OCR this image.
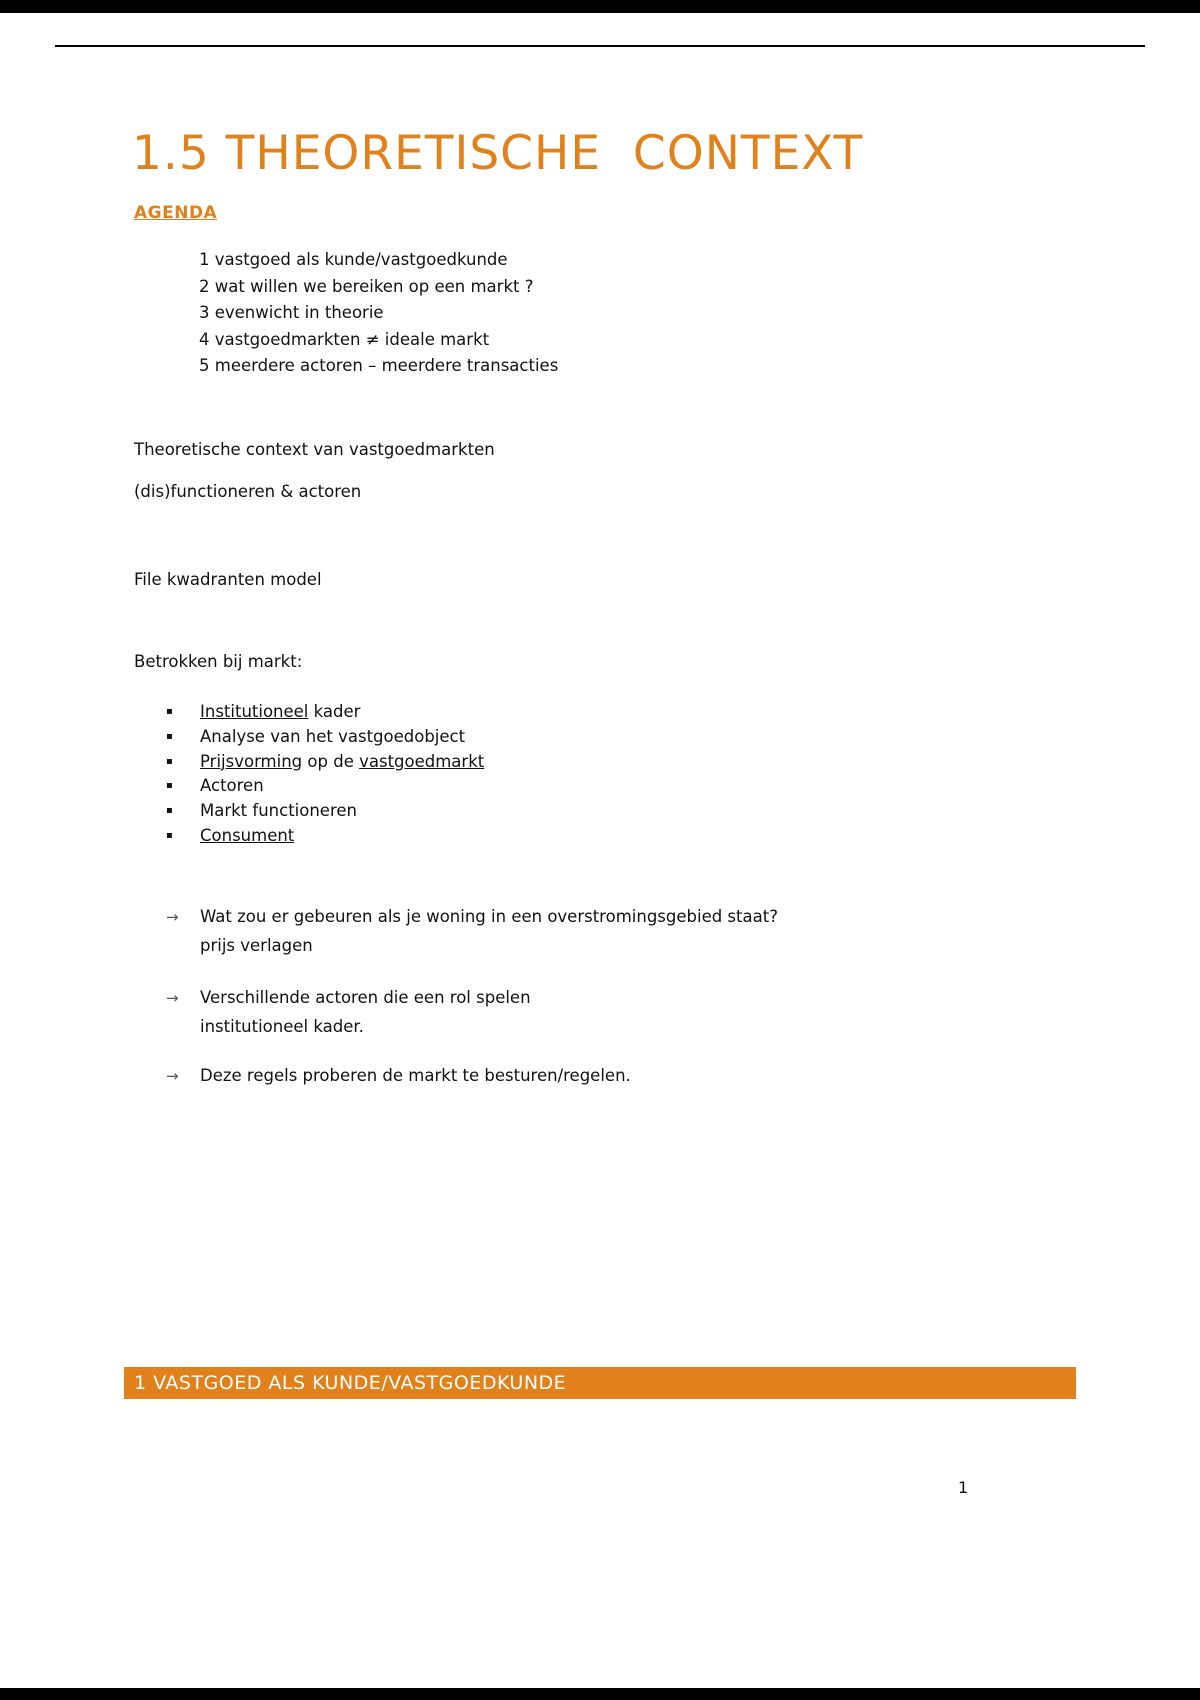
1.5 THEORETISCHE  CONTEXT
AGENDA
1 vastgoed als kunde/vastgoedkunde
2 wat willen we bereiken op een markt ?
3 evenwicht in theorie
4 vastgoedmarkten ≠ ideale markt
5 meerdere actoren – meerdere transacties

Theoretische context van vastgoedmarkten

(dis)functioneren & actoren

File kwadranten model

Betrokken bij markt:

▪	Institutioneel kader
▪	Analyse van het vastgoedobject
▪	Prijsvorming op de vastgoedmarkt
▪	Actoren
▪	Markt functioneren
▪	Consument
→	Wat zou er gebeuren als je woning in een overstromingsgebied staat?
prijs verlagen
→	Verschillende actoren die een rol spelen
institutioneel kader.
→	Deze regels proberen de markt te besturen/regelen.
1 VASTGOED ALS KUNDE/VASTGOEDKUNDE
1
